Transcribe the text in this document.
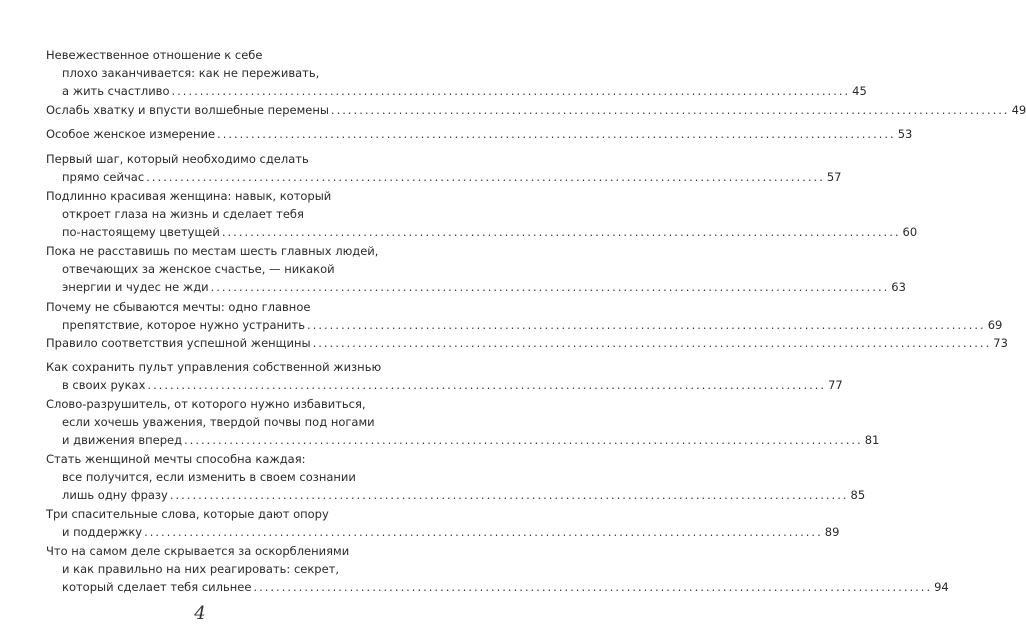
Невежественное отношение к себе
плохо заканчивается: как не переживать,
а жить счастливо ........................................................................................................................ 45
Ослабь хватку и впусти волшебные перемены ........................................................................................................................ 49
Особое женское измерение ........................................................................................................................ 53
Первый шаг, который необходимо сделать
прямо сейчас ........................................................................................................................ 57
Подлинно красивая женщина: навык, который
откроет глаза на жизнь и сделает тебя
по-настоящему цветущей ........................................................................................................................ 60
Пока не расставишь по местам шесть главных людей,
отвечающих за женское счастье, — никакой
энергии и чудес не жди ........................................................................................................................ 63
Почему не сбываются мечты: одно главное
препятствие, которое нужно устранить ........................................................................................................................ 69
Правило соответствия успешной женщины ........................................................................................................................ 73
Как сохранить пульт управления собственной жизнью
в своих руках ........................................................................................................................ 77
Слово-разрушитель, от которого нужно избавиться,
если хочешь уважения, твердой почвы под ногами
и движения вперед ........................................................................................................................ 81
Стать женщиной мечты способна каждая:
все получится, если изменить в своем сознании
лишь одну фразу ........................................................................................................................ 85
Три спасительные слова, которые дают опору
и поддержку ........................................................................................................................ 89
Что на самом деле скрывается за оскорблениями
и как правильно на них реагировать: секрет,
который сделает тебя сильнее ........................................................................................................................ 94
4
